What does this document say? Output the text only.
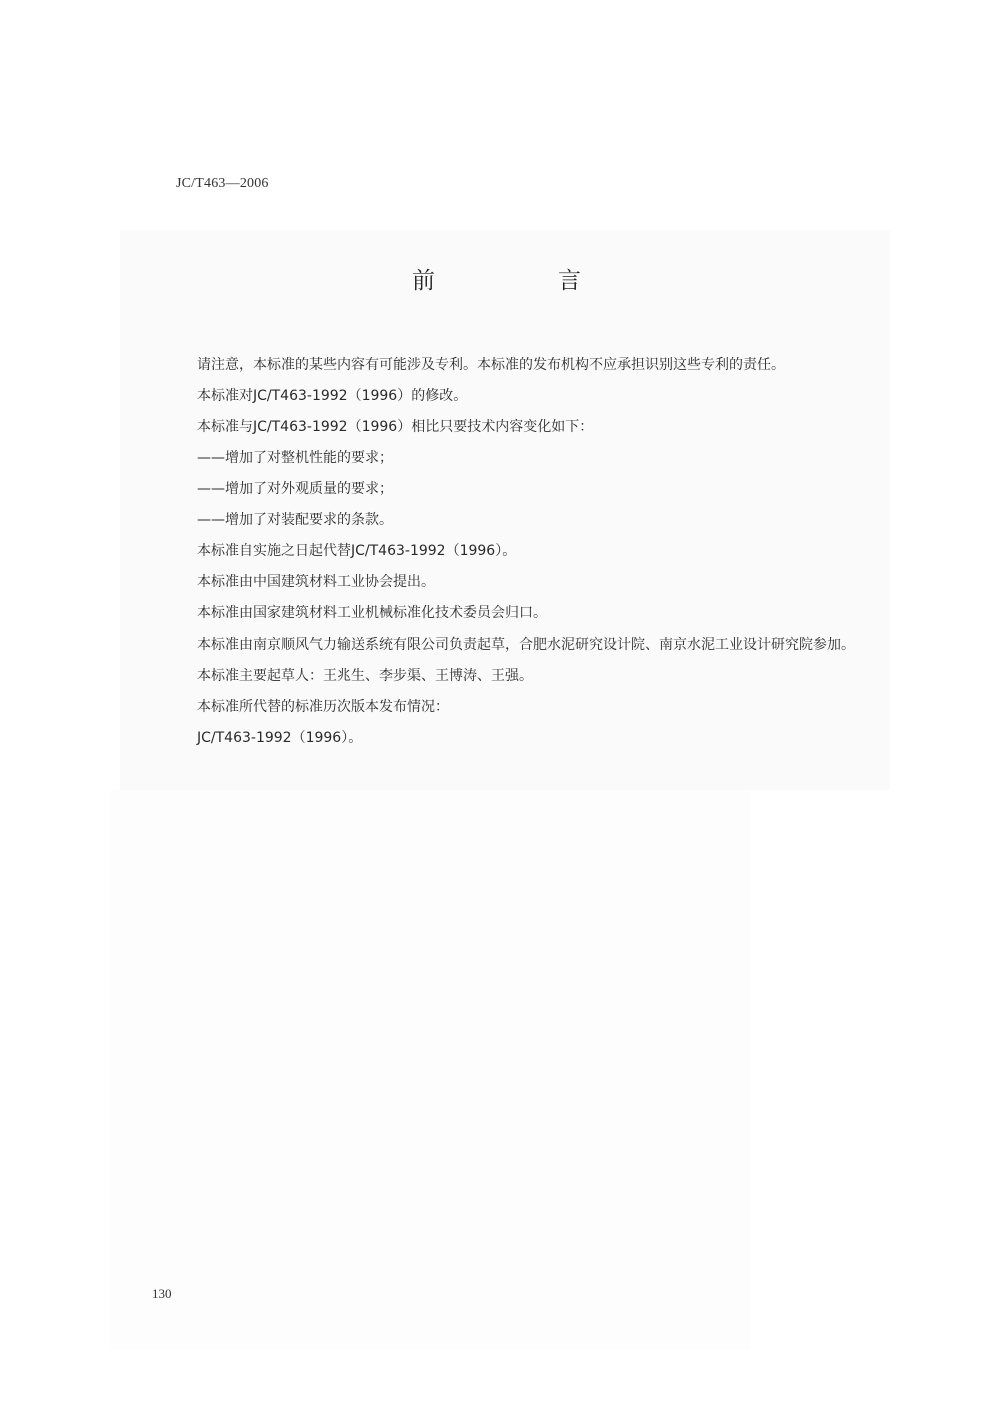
JC/T463—2006
前　言
请注意，本标准的某些内容有可能涉及专利。本标准的发布机构不应承担识别这些专利的责任。
本标准对JC/T463-1992（1996）的修改。
本标准与JC/T463-1992（1996）相比只要技术内容变化如下：
——增加了对整机性能的要求；
——增加了对外观质量的要求；
——增加了对装配要求的条款。
本标准自实施之日起代替JC/T463-1992（1996）。
本标准由中国建筑材料工业协会提出。
本标准由国家建筑材料工业机械标准化技术委员会归口。
本标准由南京顺风气力输送系统有限公司负责起草，合肥水泥研究设计院、南京水泥工业设计研究院参加。
本标准主要起草人：王兆生、李步渠、王博涛、王强。
本标准所代替的标准历次版本发布情况：
JC/T463-1992（1996）。
130
